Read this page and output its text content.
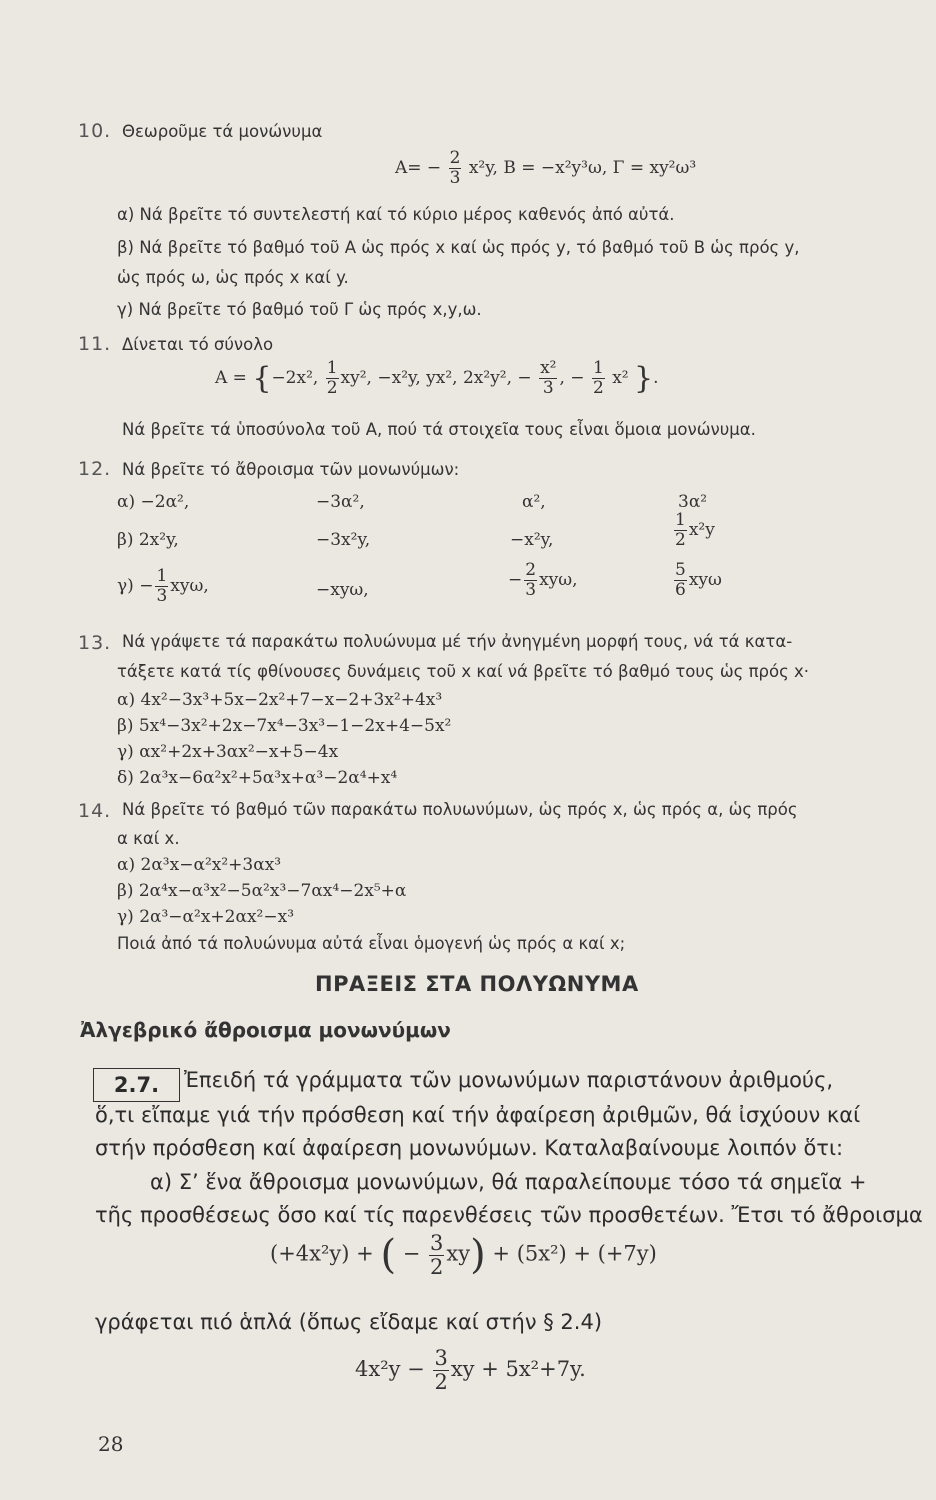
10. Θεωροῦμε τά μονώνυμα
$A= - \frac{2}{3} x^2y$, Β = −x²y³ω, Γ = xy²ω³
α) Νά βρεῖτε τό συντελεστή καί τό κύριο μέρος καθενός ἀπό αὐτά.
β) Νά βρεῖτε τό βαθμό τοῦ Α ὡς πρός x καί ὡς πρός y, τό βαθμό τοῦ Β ὡς πρός y,
ὡς πρός ω, ὡς πρός x καί y.
γ) Νά βρεῖτε τό βαθμό τοῦ Γ ὡς πρός x,y,ω.
11. Δίνεται τό σύνολο
Α = {−2x², $\frac{1}{2} xy^2$, −x²y, yx², 2x²y², − $\frac{\text{x²}}{3}$ , − $\frac{1}{2} x^2$ }.
Νά βρεῖτε τά ὑποσύνολα τοῦ Α, πού τά στοιχεῖα τους εἶναι ὅμοια μονώνυμα.
12. Νά βρεῖτε τό ἄθροισμα τῶν μονωνύμων:
α) −2α²,	−3α²,	α²,	3α²
β) 2x²y,	−3x²y,	−x²y,	$\frac{1}{2} x^2y$
$\gamma) - \frac{1}{3} xy\omega$,	−xyω,	− $\frac{2}{3} xy\omega$,	$\frac{5}{6}$ xyω
13. Νά γράψετε τά παρακάτω πολυώνυμα μέ τήν ἀνηγμένη μορφή τους, νά τά κατα-
τάξετε κατά τίς φθίνουσες δυνάμεις τοῦ x καί νά βρεῖτε τό βαθμό τους ὡς πρός x·
α) 4x²−3x³+5x−2x²+7−x−2+3x²+4x³
β) 5x⁴−3x²+2x−7x⁴−3x³−1−2x+4−5x²
γ) αx²+2x+3αx²−x+5−4x
δ) 2α³x−6α²x²+5α³x+α³−2α⁴+x⁴
14. Νά βρεῖτε τό βαθμό τῶν παρακάτω πολυωνύμων, ὡς πρός x, ὡς πρός α, ὡς πρός
α καί x.
α) 2α³x−α²x²+3αx³
β) 2α⁴x−α³x²−5α²x³−7αx⁴−2x⁵+α
γ) 2α³−α²x+2αx²−x³
Ποιά ἀπό τά πολυώνυμα αὐτά εἶναι ὁμογενή ὡς πρός α καί x;
ΠΡΑΞΕΙΣ ΣΤΑ ΠΟΛΥΩΝΥΜΑ
Ἀλγεβρικό ἄθροισμα μονωνύμων
2.7.	Ἐπειδή τά γράμματα τῶν μονωνύμων παριστάνουν ἀριθμούς,
ὅ,τι εἴπαμε γιά τήν πρόσθεση καί τήν ἀφαίρεση ἀριθμῶν, θά ἰσχύουν καί
στήν πρόσθεση καί ἀφαίρεση μονωνύμων. Καταλαβαίνουμε λοιπόν ὅτι:
α) Σ’ ἕνα ἄθροισμα μονωνύμων, θά παραλείπουμε τόσο τά σημεῖα +
τῆς προσθέσεως ὅσο καί τίς παρενθέσεις τῶν προσθετέων. Ἔτσι τό ἄθροισμα
(+4x²y) + ( − $\frac{3}{2} xy) + (5x^2) + (+7y)$
γράφεται πιό ἁπλά (ὅπως εἴδαμε καί στήν § 2.4)
$4x^2y - \frac{3}{2}$ xy + 5x²+7y.
28
